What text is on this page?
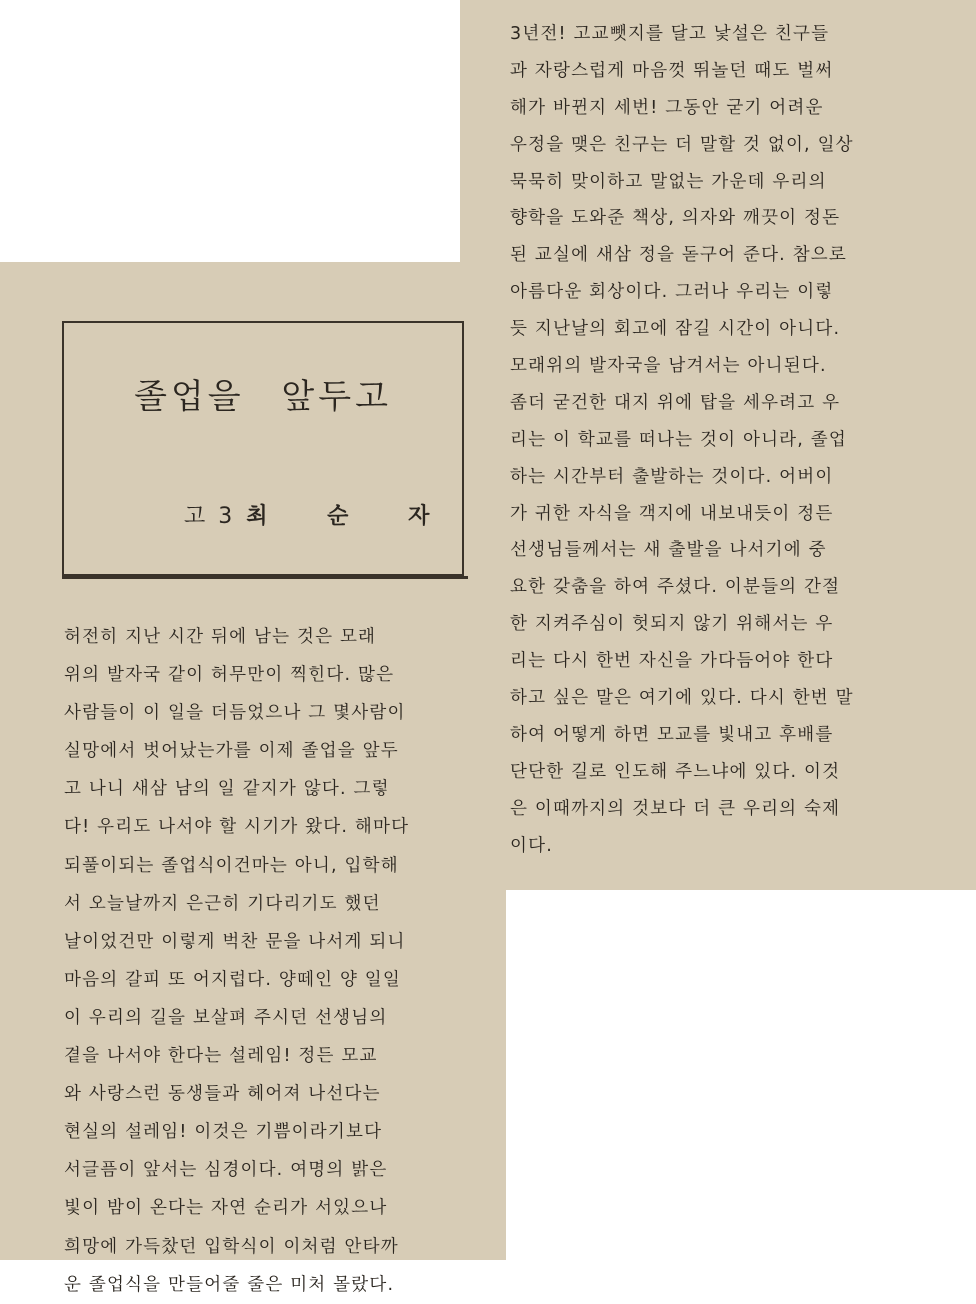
졸업을 앞두고
고 3 최 순 자
허전히 지난 시간 뒤에 남는 것은 모래
위의 발자국 같이 허무만이 찍힌다. 많은
사람들이 이 일을 더듬었으나 그 몇사람이
실망에서 벗어났는가를 이제 졸업을 앞두
고 나니 새삼 남의 일 같지가 않다. 그렇
다! 우리도 나서야 할 시기가 왔다. 해마다
되풀이되는 졸업식이건마는 아니, 입학해
서 오늘날까지 은근히 기다리기도 했던
날이었건만 이렇게 벅찬 문을 나서게 되니
마음의 갈피 또 어지럽다. 양떼인 양 일일
이 우리의 길을 보살펴 주시던 선생님의
곁을 나서야 한다는 설레임! 정든 모교
와 사랑스런 동생들과 헤어져 나선다는
현실의 설레임! 이것은 기쁨이라기보다
서글픔이 앞서는 심경이다. 여명의 밝은
빛이 밤이 온다는 자연 순리가 서있으나
희망에 가득찼던 입학식이 이처럼 안타까
운 졸업식을 만들어줄 줄은 미처 몰랐다.
3년전! 고교뺏지를 달고 낯설은 친구들
과 자랑스럽게 마음껏 뛰놀던 때도 벌써
해가 바뀐지 세번! 그동안 굳기 어려운
우정을 맺은 친구는 더 말할 것 없이, 일상
묵묵히 맞이하고 말없는 가운데 우리의
향학을 도와준 책상, 의자와 깨끗이 정돈
된 교실에 새삼 정을 돋구어 준다. 참으로
아름다운 회상이다. 그러나 우리는 이렇
듯 지난날의 회고에 잠길 시간이 아니다.
모래위의 발자국을 남겨서는 아니된다.
좀더 굳건한 대지 위에 탑을 세우려고 우
리는 이 학교를 떠나는 것이 아니라, 졸업
하는 시간부터 출발하는 것이다. 어버이
가 귀한 자식을 객지에 내보내듯이 정든
선생님들께서는 새 출발을 나서기에 중
요한 갖춤을 하여 주셨다. 이분들의 간절
한 지켜주심이 헛되지 않기 위해서는 우
리는 다시 한번 자신을 가다듬어야 한다
하고 싶은 말은 여기에 있다. 다시 한번 말
하여 어떻게 하면 모교를 빛내고 후배를
단단한 길로 인도해 주느냐에 있다. 이것
은 이때까지의 것보다 더 큰 우리의 숙제
이다.
